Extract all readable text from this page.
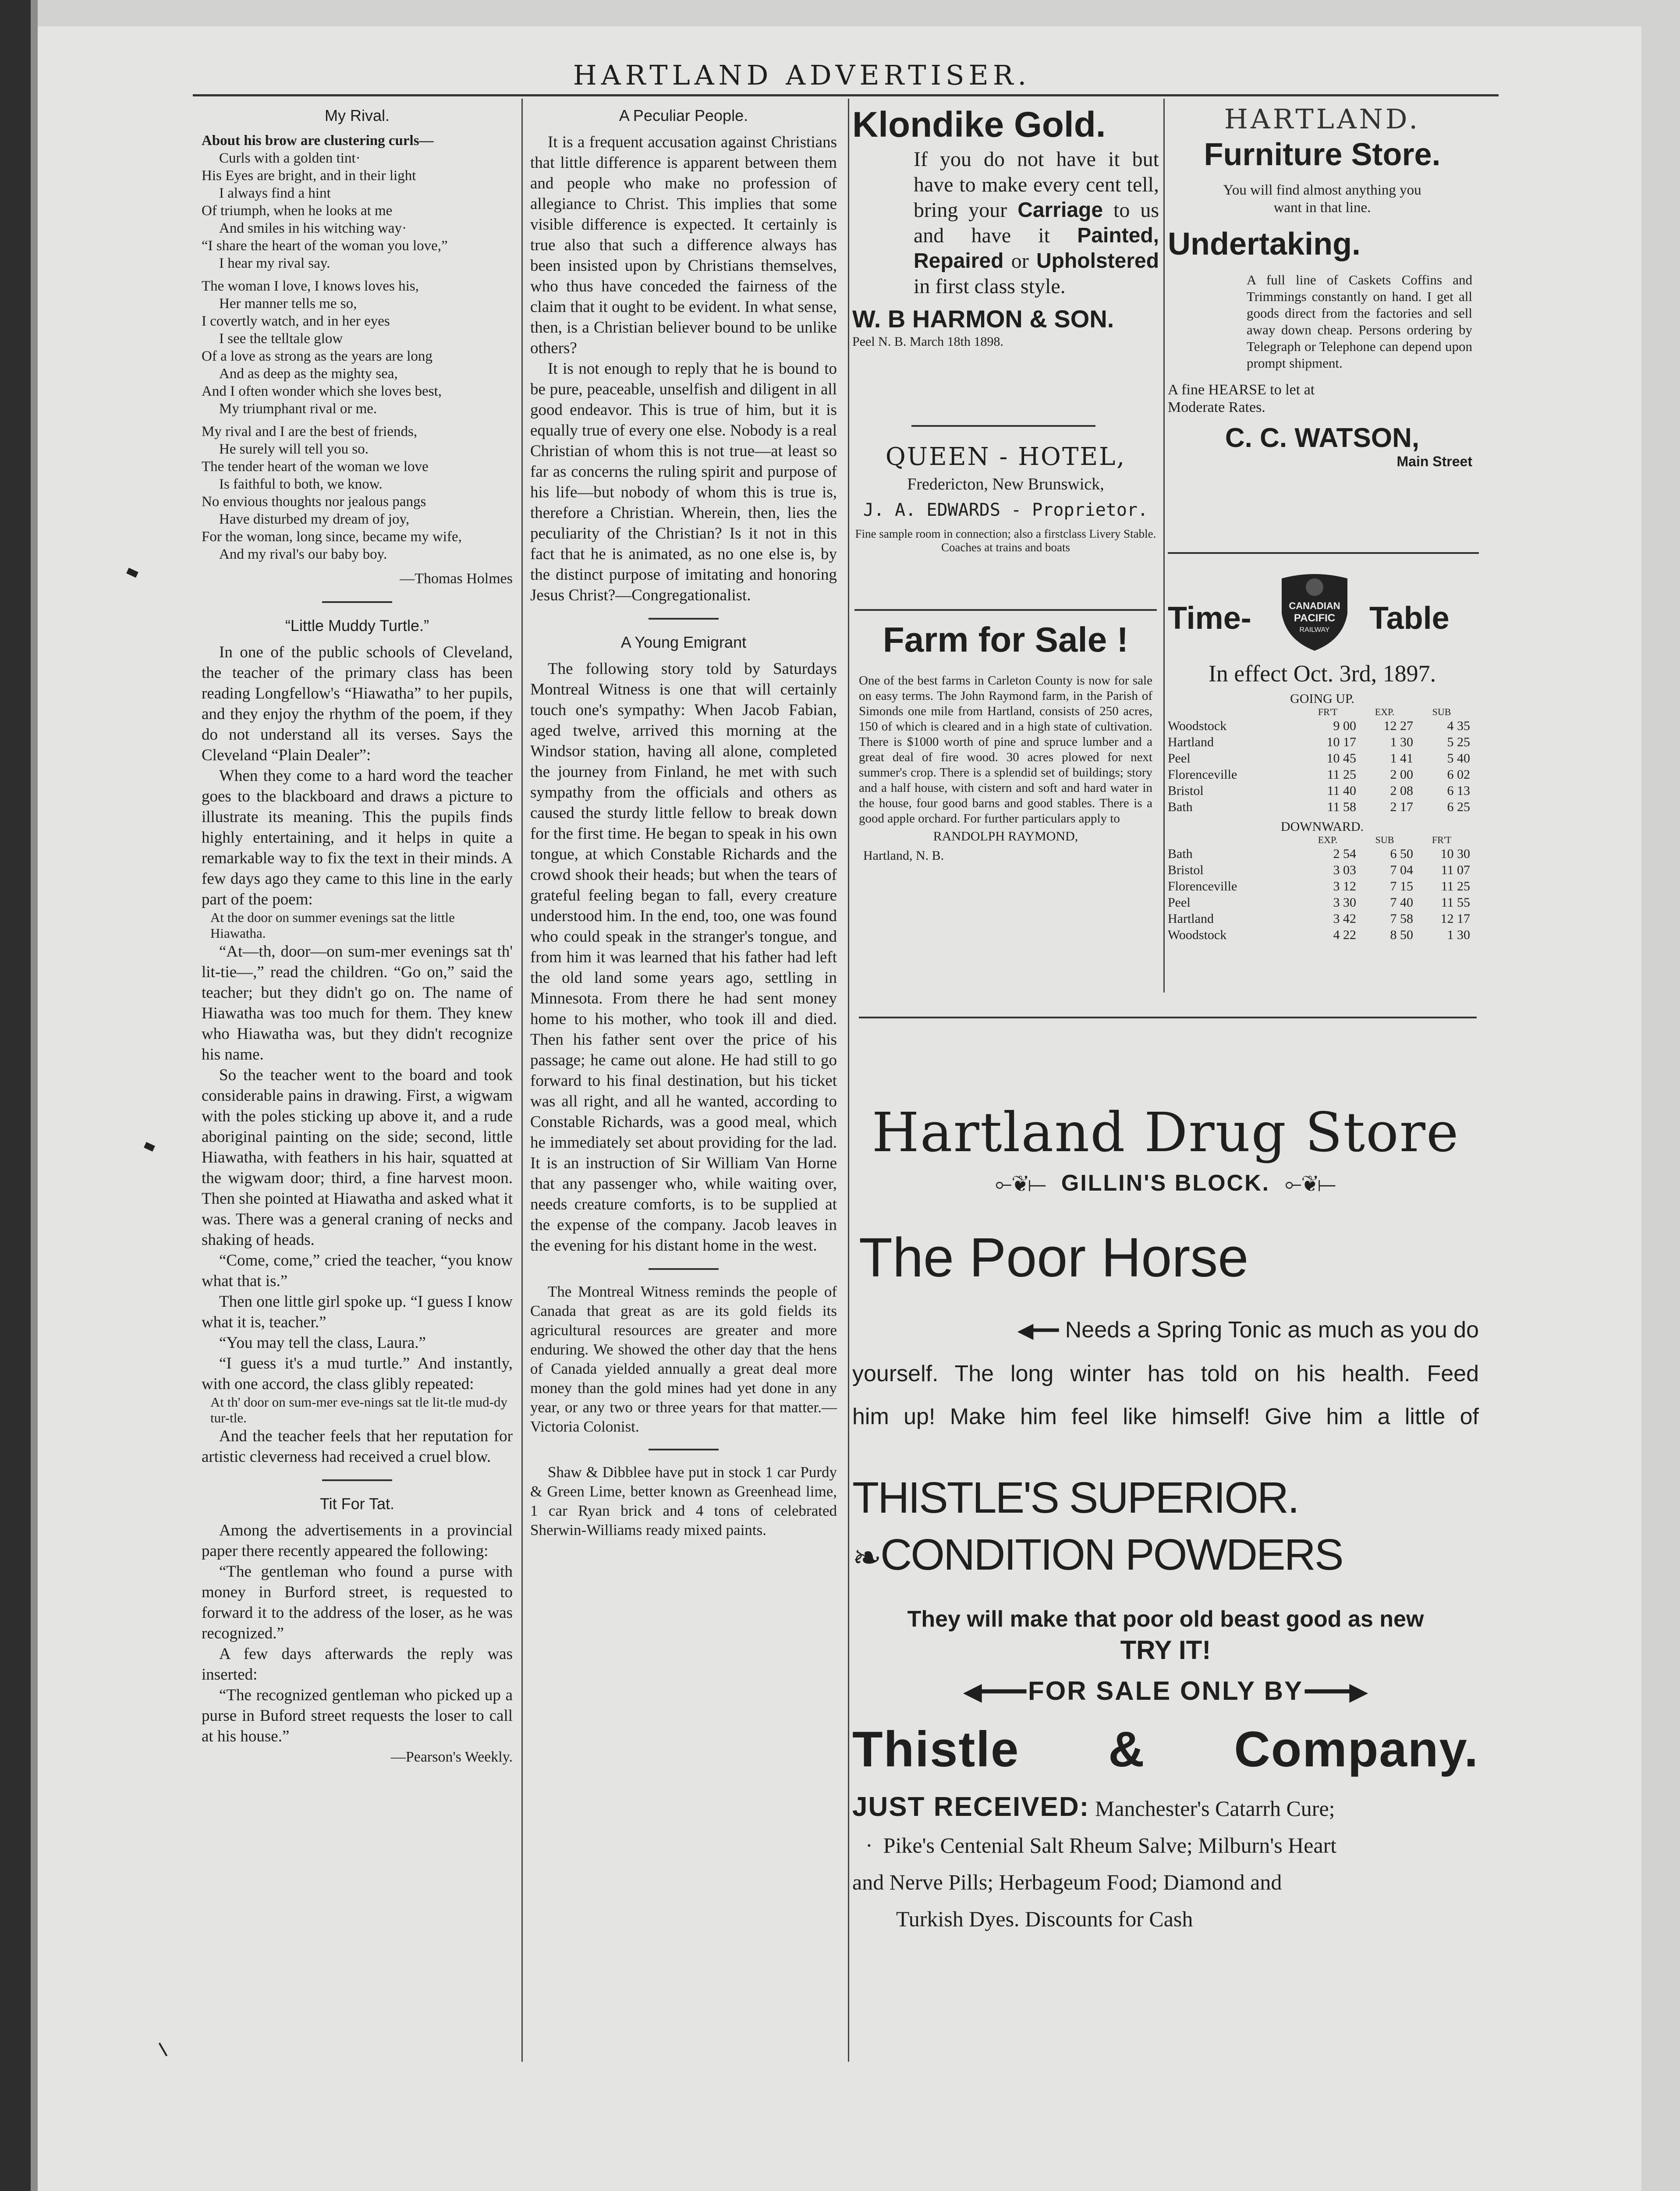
HARTLAND ADVERTISER.
My Rival.
About his brow are clustering curls—
Curls with a golden tint·
His Eyes are bright, and in their light
I always find a hint
Of triumph, when he looks at me
And smiles in his witching way·
“I share the heart of the woman you love,”
I hear my rival say.
The woman I love, I knows loves his,
Her manner tells me so,
I covertly watch, and in her eyes
I see the telltale glow
Of a love as strong as the years are long
And as deep as the mighty sea,
And I often wonder which she loves best,
My triumphant rival or me.
My rival and I are the best of friends,
He surely will tell you so.
The tender heart of the woman we love
Is faithful to both, we know.
No envious thoughts nor jealous pangs
Have disturbed my dream of joy,
For the woman, long since, became my wife,
And my rival's our baby boy.
—Thomas Holmes
“Little Muddy Turtle.”

In one of the public schools of Cleveland, the teacher of the primary class has been reading Longfellow's “Hiawatha” to her pupils, and they enjoy the rhythm of the poem, if they do not understand all its verses. Says the Cleveland “Plain Dealer”:

When they come to a hard word the teacher goes to the blackboard and draws a picture to illustrate its meaning. This the pupils finds highly entertaining, and it helps in quite a remarkable way to fix the text in their minds. A few days ago they came to this line in the early part of the poem:

At the door on summer evenings sat the little Hiawatha.

“At—th, door—on sum-mer evenings sat th' lit-tie—,” read the children. “Go on,” said the teacher; but they didn't go on. The name of Hiawatha was too much for them. They knew who Hiawatha was, but they didn't recognize his name.

So the teacher went to the board and took considerable pains in drawing. First, a wigwam with the poles sticking up above it, and a rude aboriginal painting on the side; second, little Hiawatha, with feathers in his hair, squatted at the wigwam door; third, a fine harvest moon. Then she pointed at Hiawatha and asked what it was. There was a general craning of necks and shaking of heads.

“Come, come,” cried the teacher, “you know what that is.”

Then one little girl spoke up. “I guess I know what it is, teacher.”

“You may tell the class, Laura.”

“I guess it's a mud turtle.” And instantly, with one accord, the class glibly repeated:

At th' door on sum-mer eve-nings sat tle lit-tle mud-dy tur-tle.

And the teacher feels that her reputation for artistic cleverness had received a cruel blow.

Tit For Tat.

Among the advertisements in a provincial paper there recently appeared the following:

“The gentleman who found a purse with money in Burford street, is requested to forward it to the address of the loser, as he was recognized.”

A few days afterwards the reply was inserted:

“The recognized gentleman who picked up a purse in Buford street requests the loser to call at his house.”

—Pearson's Weekly.
A Peculiar People.

It is a frequent accusation against Christians that little difference is apparent between them and people who make no profession of allegiance to Christ. This implies that some visible difference is expected. It certainly is true also that such a difference always has been insisted upon by Christians themselves, who thus have conceded the fairness of the claim that it ought to be evident. In what sense, then, is a Christian believer bound to be unlike others?

It is not enough to reply that he is bound to be pure, peaceable, unselfish and diligent in all good endeavor. This is true of him, but it is equally true of every one else. Nobody is a real Christian of whom this is not true—at least so far as concerns the ruling spirit and purpose of his life—but nobody of whom this is true is, therefore a Christian. Wherein, then, lies the peculiarity of the Christian? Is it not in this fact that he is animated, as no one else is, by the distinct purpose of imitating and honoring Jesus Christ?—Congregationalist.

A Young Emigrant

The following story told by Saturdays Montreal Witness is one that will certainly touch one's sympathy: When Jacob Fabian, aged twelve, arrived this morning at the Windsor station, having all alone, completed the journey from Finland, he met with such sympathy from the officials and others as caused the sturdy little fellow to break down for the first time. He began to speak in his own tongue, at which Constable Richards and the crowd shook their heads; but when the tears of grateful feeling began to fall, every creature understood him. In the end, too, one was found who could speak in the stranger's tongue, and from him it was learned that his father had left the old land some years ago, settling in Minnesota. From there he had sent money home to his mother, who took ill and died. Then his father sent over the price of his passage; he came out alone. He had still to go forward to his final destination, but his ticket was all right, and all he wanted, according to Constable Richards, was a good meal, which he immediately set about providing for the lad. It is an instruction of Sir William Van Horne that any passenger who, while waiting over, needs creature comforts, is to be supplied at the expense of the company. Jacob leaves in the evening for his distant home in the west.

The Montreal Witness reminds the people of Canada that great as are its gold fields its agricultural resources are greater and more enduring. We showed the other day that the hens of Canada yielded annually a great deal more money than the gold mines had yet done in any year, or any two or three years for that matter.—Victoria Colonist.

Shaw & Dibblee have put in stock 1 car Purdy & Green Lime, better known as Greenhead lime, 1 car Ryan brick and 4 tons of celebrated Sherwin-Williams ready mixed paints.

Klondike Gold.
If you do not have it but have to make every cent tell, bring your Carriage to us and have it Painted, Repaired or Upholstered in first class style.
W. B HARMON & SON.
Peel N. B. March 18th 1898.
QUEEN - HOTEL,
Fredericton, New Brunswick,
J. A. EDWARDS - Proprietor.
Fine sample room in connection; also a firstclass Livery Stable. Coaches at trains and boats
Farm for Sale !
One of the best farms in Carleton County is now for sale on easy terms. The John Raymond farm, in the Parish of Simonds one mile from Hartland, consists of 250 acres, 150 of which is cleared and in a high state of cultivation. There is $1000 worth of pine and spruce lumber and a great deal of fire wood. 30 acres plowed for next summer's crop. There is a splendid set of buildings; story and a half house, with cistern and soft and hard water in the house, four good barns and good stables. There is a good apple orchard. For further particulars apply to
RANDOLPH RAYMOND,
Hartland, N. B.
HARTLAND.
Furniture Store.
You will find almost anything you want in that line.
Undertaking.
A full line of Caskets Coffins and Trimmings constantly on hand. I get all goods direct from the factories and sell away down cheap. Persons ordering by Telegraph or Telephone can depend upon prompt shipment.
A fine HEARSE to let at Moderate Rates.
C. C. WATSON,
Main Street
Time-	CANADIAN
PACIFIC
RAILWAY Table
In effect Oct. 3rd, 1897.
GOING UP.
FR'T	EXP.	SUB
Woodstock	9 00	12 27	4 35
Hartland	10 17	1 30	5 25
Peel	10 45	1 41	5 40
Florenceville	11 25	2 00	6 02
Bristol	11 40	2 08	6 13
Bath	11 58	2 17	6 25
DOWNWARD.
EXP.	SUB	FR'T
Bath	2 54	6 50	10 30
Bristol	3 03	7 04	11 07
Florenceville	3 12	7 15	11 25
Peel	3 30	7 40	11 55
Hartland	3 42	7 58	12 17
Woodstock	4 22	8 50	1 30
Hartland Drug Store
⟜❦⟝ GILLIN'S BLOCK. ⟜❦⟝
The Poor Horse
◀━━ Needs a Spring Tonic as much as you do
yourself. The long winter has told on his health. Feed
him up! Make him feel like himself! Give him a little of
THISTLE'S SUPERIOR.
❧CONDITION POWDERS
They will make that poor old beast good as new
TRY IT!
◀━━━ FOR SALE ONLY BY ━━━▶
Thistle & Company.
JUST RECEIVED: Manchester's Catarrh Cure;
· Pike's Centenial Salt Rheum Salve; Milburn's Heart
and Nerve Pills; Herbageum Food; Diamond and
Turkish Dyes. Discounts for Cash
